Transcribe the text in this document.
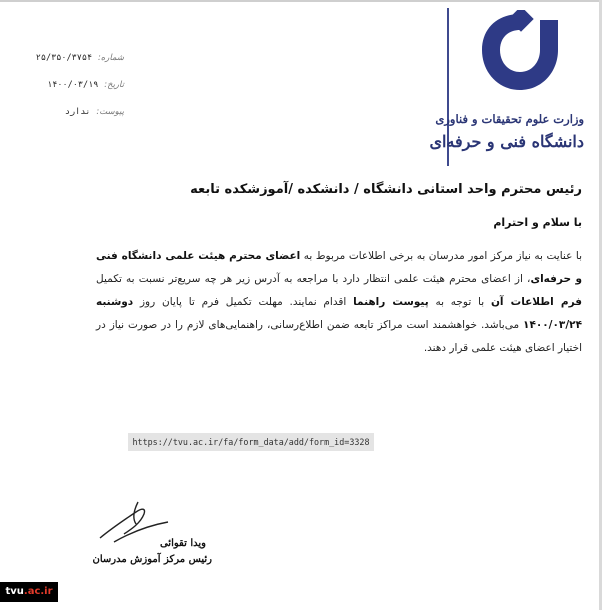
وزارت علوم تحقیقات و فناوری
دانشگاه فنی و حرفه‌ای
شماره: ۲۵/۳۵۰/۳۷۵۴
تاریخ: ۱۴۰۰/۰۳/۱۹
پیوست: ندارد
رئیس محترم واحد استانی دانشگاه / دانشکده /آموزشکده تابعه
با سلام و احترام
با عنایت به نیاز مرکز امور مدرسان به برخی اطلاعات مربوط به اعضای محترم هیئت علمی دانشگاه فنی و حرفه‌ای، از اعضای محترم هیئت علمی انتظار دارد با مراجعه به آدرس زیر هر چه سریع‌تر نسبت به تکمیل فرم اطلاعات آن با توجه به پیوست راهنما اقدام نمایند. مهلت تکمیل فرم تا پایان روز دوشنبه ۱۴۰۰/۰۳/۲۴ می‌باشد. خواهشمند است مراکز تابعه ضمن اطلاع‌رسانی، راهنمایی‌های لازم را در صورت نیاز در اختیار اعضای هیئت علمی قرار دهند.
https://tvu.ac.ir/fa/form_data/add/form_id=3328
ویدا تقوائی
رئیس مرکز آموزش مدرسان
tvu.ac.ir
